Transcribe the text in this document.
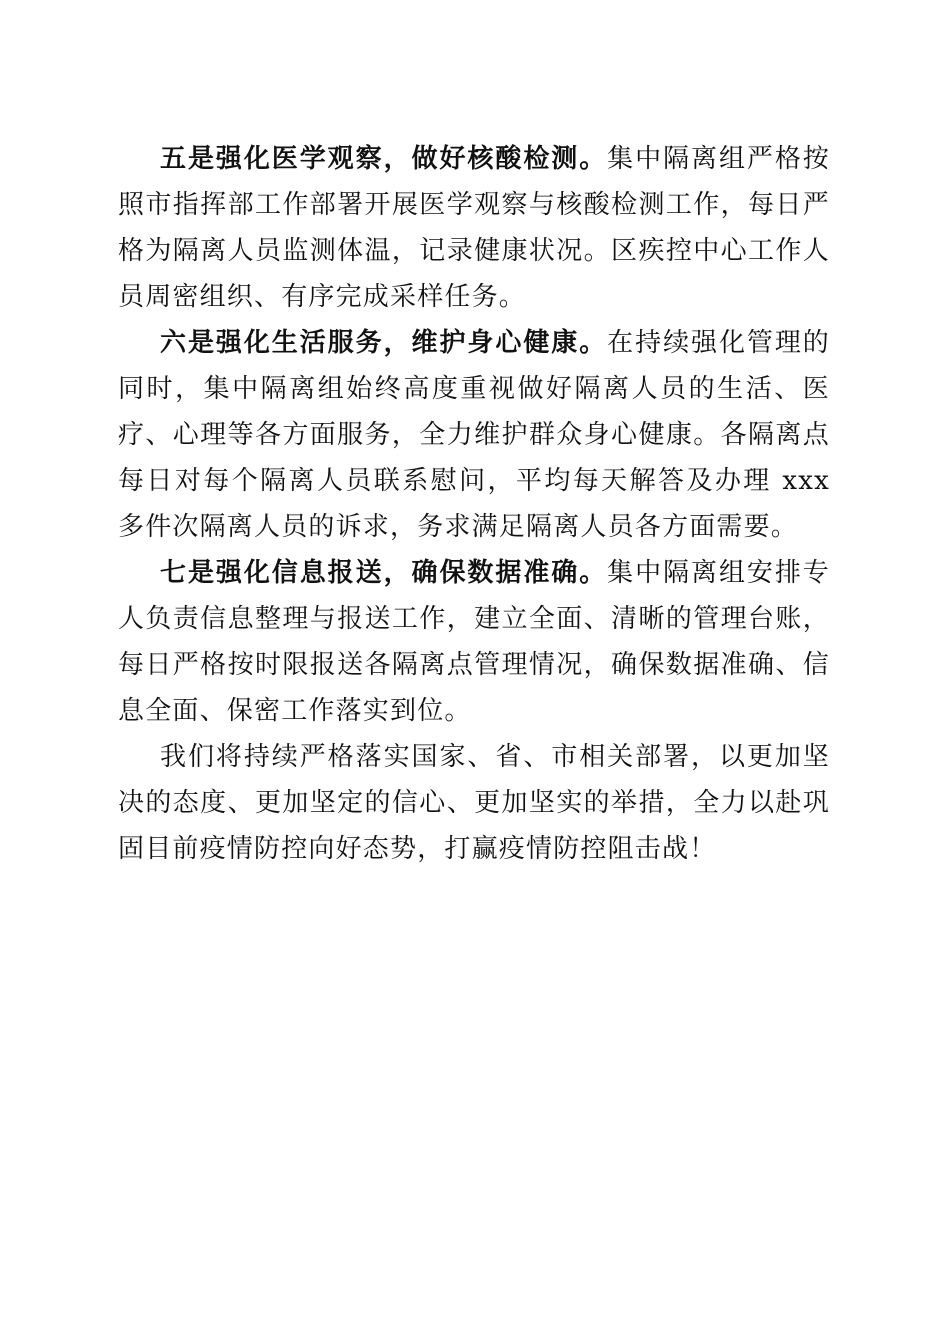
五是强化医学观察，做好核酸检测。集中隔离组严格按照市指挥部工作部署开展医学观察与核酸检测工作，每日严格为隔离人员监测体温，记录健康状况。区疾控中心工作人员周密组织、有序完成采样任务。

六是强化生活服务，维护身心健康。在持续强化管理的同时，集中隔离组始终高度重视做好隔离人员的生活、医疗、心理等各方面服务，全力维护群众身心健康。各隔离点每日对每个隔离人员联系慰问，平均每天解答及办理 xxx 多件次隔离人员的诉求，务求满足隔离人员各方面需要。

七是强化信息报送，确保数据准确。集中隔离组安排专人负责信息整理与报送工作，建立全面、清晰的管理台账，每日严格按时限报送各隔离点管理情况，确保数据准确、信息全面、保密工作落实到位。

我们将持续严格落实国家、省、市相关部署，以更加坚决的态度、更加坚定的信心、更加坚实的举措，全力以赴巩固目前疫情防控向好态势，打赢疫情防控阻击战！
